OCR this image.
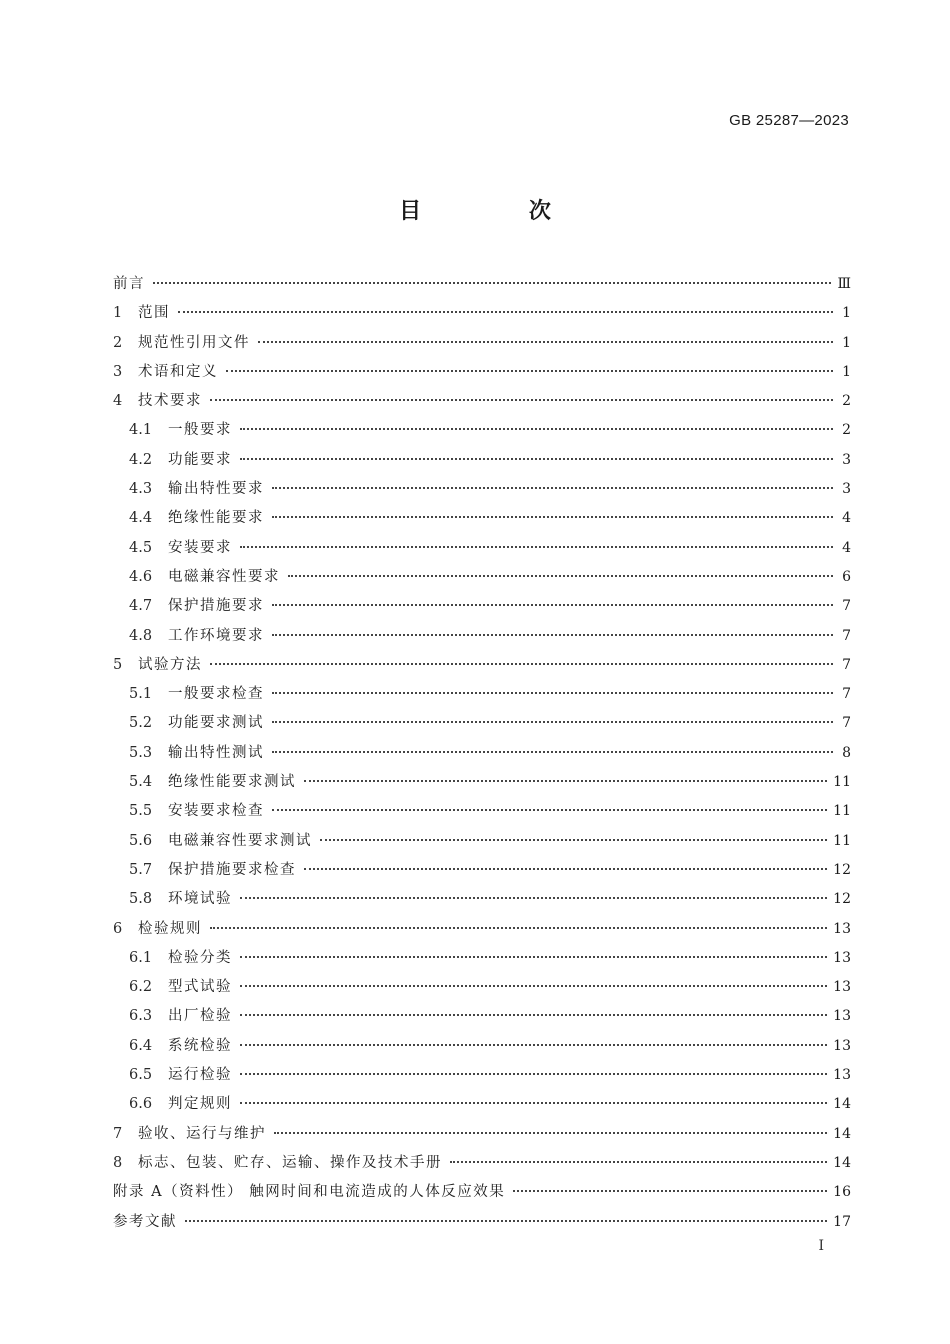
GB 25287—2023
目 次
前言	Ⅲ
1	范围	1
2	规范性引用文件	1
3	术语和定义	1
4	技术要求	2
4.1	一般要求	2
4.2	功能要求	3
4.3	输出特性要求	3
4.4	绝缘性能要求	4
4.5	安装要求	4
4.6	电磁兼容性要求	6
4.7	保护措施要求	7
4.8	工作环境要求	7
5	试验方法	7
5.1	一般要求检查	7
5.2	功能要求测试	7
5.3	输出特性测试	8
5.4	绝缘性能要求测试	11
5.5	安装要求检查	11
5.6	电磁兼容性要求测试	11
5.7	保护措施要求检查	12
5.8	环境试验	12
6	检验规则	13
6.1	检验分类	13
6.2	型式试验	13
6.3	出厂检验	13
6.4	系统检验	13
6.5	运行检验	13
6.6	判定规则	14
7	验收、运行与维护	14
8	标志、包装、贮存、运输、操作及技术手册	14
附录 A（资料性） 触网时间和电流造成的人体反应效果	16
参考文献	17
Ⅰ
